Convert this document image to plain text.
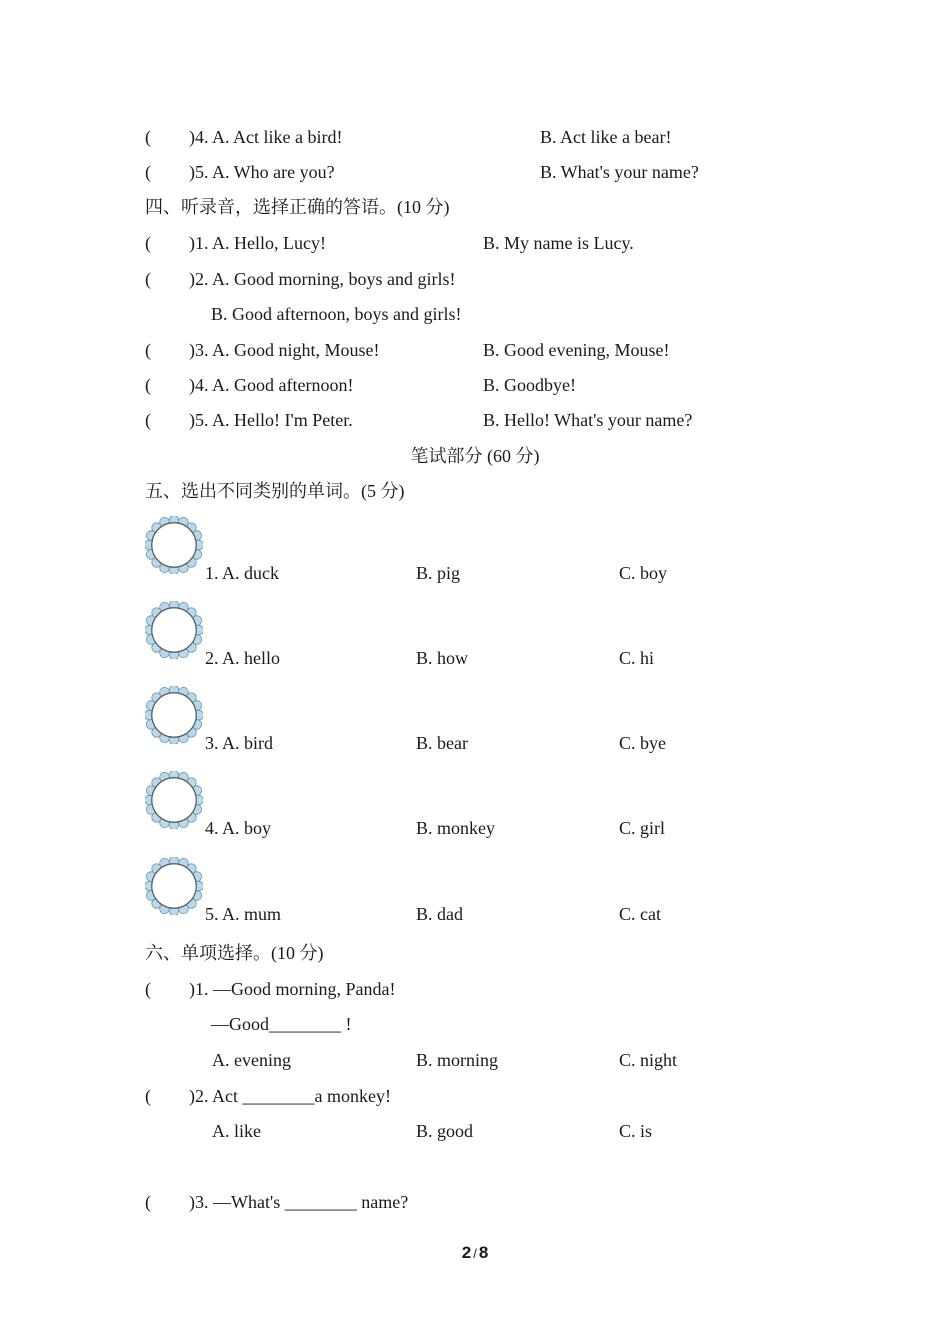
( )4. A. Act like a bird!	B. Act like a bear!
( )5. A. Who are you?	B. What's your name?
四、听录音，选择正确的答语。(10 分)
( )1. A. Hello, Lucy!	B. My name is Lucy.
( )2. A. Good morning, boys and girls!
B. Good afternoon, boys and girls!
( )3. A. Good night, Mouse!	B. Good evening, Mouse!
( )4. A. Good afternoon!	B. Goodbye!
( )5. A. Hello! I'm Peter.	B. Hello! What's your name?
笔试部分 (60 分)
五、选出不同类别的单词。(5 分)
1. A. duck	B. pig	C. boy
2. A. hello	B. how	C. hi
3. A. bird	B. bear	C. bye
4. A. boy	B. monkey	C. girl
5. A. mum	B. dad	C. cat
六、单项选择。(10 分)
( )1. —Good morning, Panda!
—Good________ !
A. evening	B. morning	C. night
( )2. Act ________a monkey!
A. like	B. good	C. is
( )3. —What's ________ name?
2 / 8
